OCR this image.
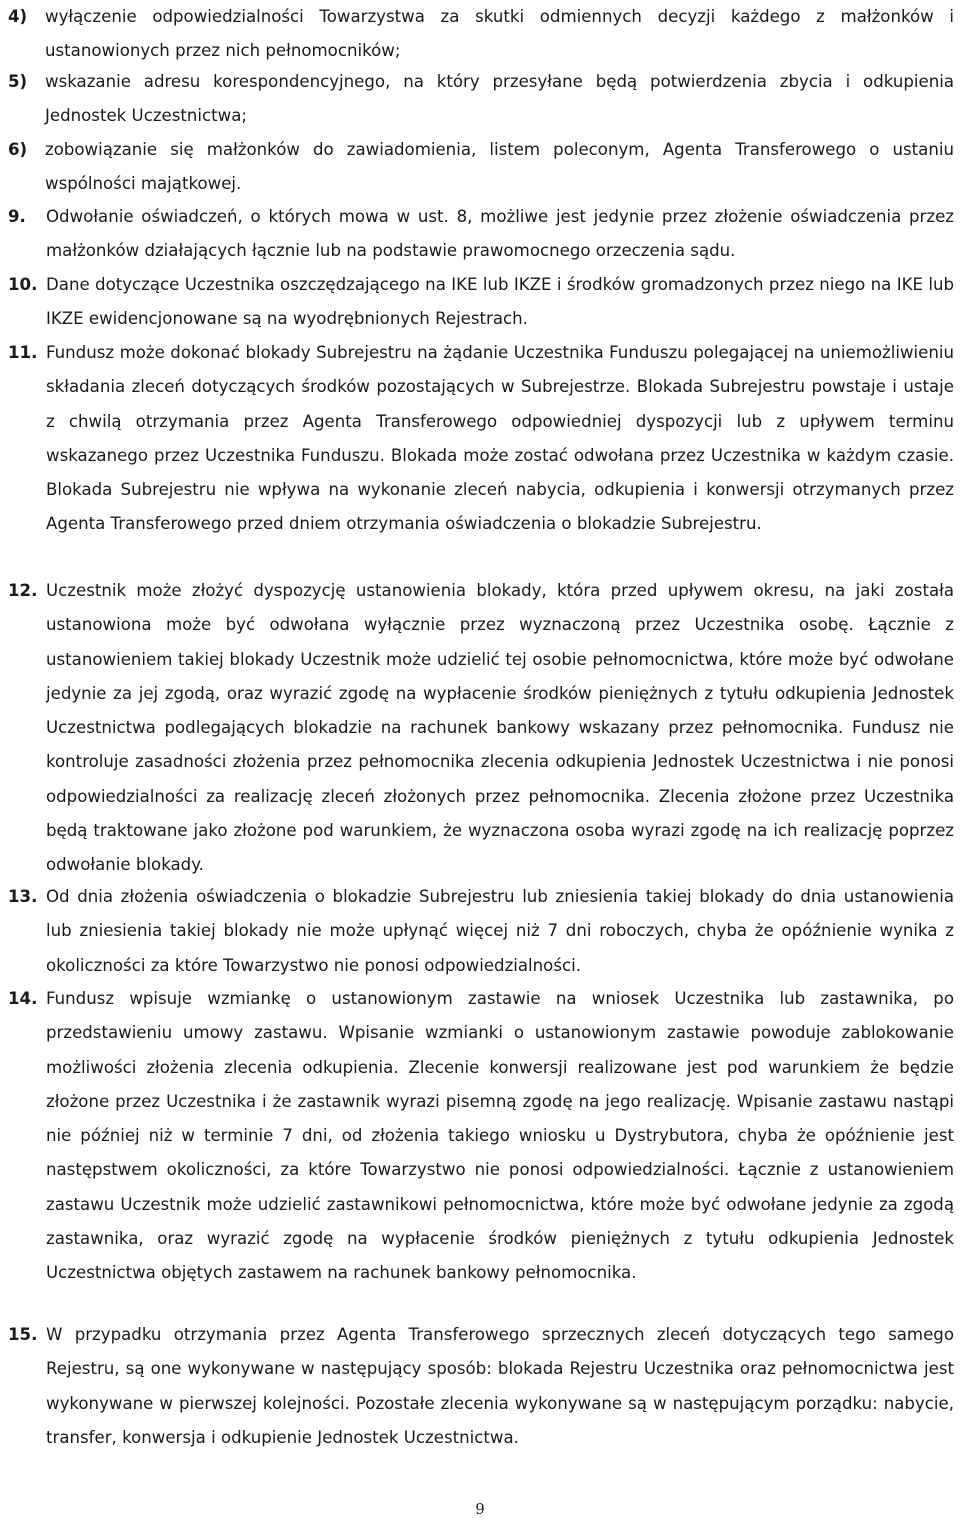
4)	wyłączenie odpowiedzialności Towarzystwa za skutki odmiennych decyzji każdego z małżonków i ustanowionych przez nich pełnomocników;
5)	wskazanie adresu korespondencyjnego, na który przesyłane będą potwierdzenia zbycia i odkupienia Jednostek Uczestnictwa;
6)	zobowiązanie się małżonków do zawiadomienia, listem poleconym, Agenta Transferowego o ustaniu wspólności majątkowej.
9.	Odwołanie oświadczeń, o których mowa w ust. 8, możliwe jest jedynie przez złożenie oświadczenia przez małżonków działających łącznie lub na podstawie prawomocnego orzeczenia sądu.
10. Dane dotyczące Uczestnika oszczędzającego na IKE lub IKZE i środków gromadzonych przez niego na IKE lub IKZE ewidencjonowane są na wyodrębnionych Rejestrach.
11. Fundusz może dokonać blokady Subrejestru na żądanie Uczestnika Funduszu polegającej na uniemożliwieniu składania zleceń dotyczących środków pozostających w Subrejestrze. Blokada Subrejestru powstaje i ustaje z chwilą otrzymania przez Agenta Transferowego odpowiedniej dyspozycji lub z upływem terminu wskazanego przez Uczestnika Funduszu. Blokada może zostać odwołana przez Uczestnika w każdym czasie. Blokada Subrejestru nie wpływa na wykonanie zleceń nabycia, odkupienia i konwersji otrzymanych przez Agenta Transferowego przed dniem otrzymania oświadczenia o blokadzie Subrejestru.
12. Uczestnik może złożyć dyspozycję ustanowienia blokady, która przed upływem okresu, na jaki została ustanowiona może być odwołana wyłącznie przez wyznaczoną przez Uczestnika osobę. Łącznie z ustanowieniem takiej blokady Uczestnik może udzielić tej osobie pełnomocnictwa, które może być odwołane jedynie za jej zgodą, oraz wyrazić zgodę na wypłacenie środków pieniężnych z tytułu odkupienia Jednostek Uczestnictwa podlegających blokadzie na rachunek bankowy wskazany przez pełnomocnika. Fundusz nie kontroluje zasadności złożenia przez pełnomocnika zlecenia odkupienia Jednostek Uczestnictwa i nie ponosi odpowiedzialności za realizację zleceń złożonych przez pełnomocnika. Zlecenia złożone przez Uczestnika będą traktowane jako złożone pod warunkiem, że wyznaczona osoba wyrazi zgodę na ich realizację poprzez odwołanie blokady.
13. Od dnia złożenia oświadczenia o blokadzie Subrejestru lub zniesienia takiej blokady do dnia ustanowienia lub zniesienia takiej blokady nie może upłynąć więcej niż 7 dni roboczych, chyba że opóźnienie wynika z okoliczności za które Towarzystwo nie ponosi odpowiedzialności.
14. Fundusz wpisuje wzmiankę o ustanowionym zastawie na wniosek Uczestnika lub zastawnika, po przedstawieniu umowy zastawu. Wpisanie wzmianki o ustanowionym zastawie powoduje zablokowanie możliwości złożenia zlecenia odkupienia. Zlecenie konwersji realizowane jest pod warunkiem że będzie złożone przez Uczestnika i że zastawnik wyrazi pisemną zgodę na jego realizację. Wpisanie zastawu nastąpi nie później niż w terminie 7 dni, od złożenia takiego wniosku u Dystrybutora, chyba że opóźnienie jest następstwem okoliczności, za które Towarzystwo nie ponosi odpowiedzialności. Łącznie z ustanowieniem zastawu Uczestnik może udzielić zastawnikowi pełnomocnictwa, które może być odwołane jedynie za zgodą zastawnika, oraz wyrazić zgodę na wypłacenie środków pieniężnych z tytułu odkupienia Jednostek Uczestnictwa objętych zastawem na rachunek bankowy pełnomocnika.
15. W przypadku otrzymania przez Agenta Transferowego sprzecznych zleceń dotyczących tego samego Rejestru, są one wykonywane w następujący sposób: blokada Rejestru Uczestnika oraz pełnomocnictwa jest wykonywane w pierwszej kolejności. Pozostałe zlecenia wykonywane są w następującym porządku: nabycie, transfer, konwersja i odkupienie Jednostek Uczestnictwa.
9
